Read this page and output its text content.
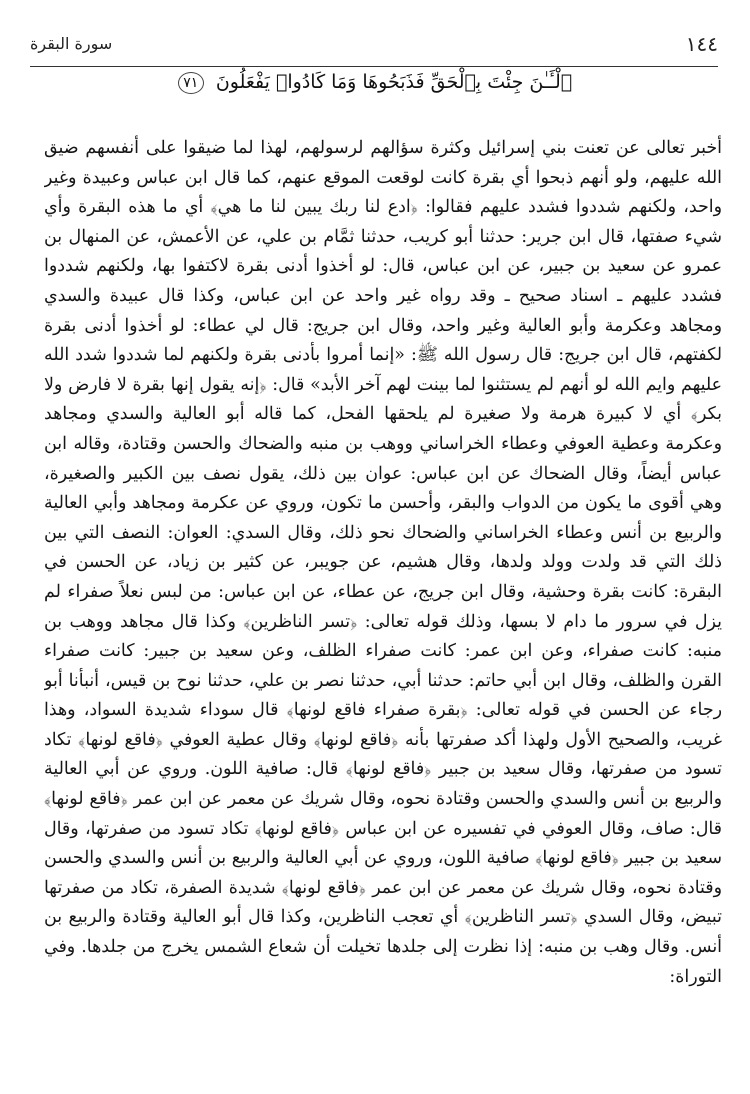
١٤٤
سورة البقرة
ٱلْـَٔـٰنَ جِئْتَ بِٱلْحَقِّ فَذَبَحُوهَا وَمَا كَادُوا۟ يَفْعَلُونَ ٧١

أخبر تعالى عن تعنت بني إسرائيل وكثرة سؤالهم لرسولهم، لهذا لما ضيقوا على أنفسهم ضيق الله عليهم، ولو أنهم ذبحوا أي بقرة كانت لوقعت الموقع عنهم، كما قال ابن عباس وعبيدة وغير واحد، ولكنهم شددوا فشدد عليهم فقالوا: ﴿ادع لنا ربك يبين لنا ما هي﴾ أي ما هذه البقرة وأي شيء صفتها، قال ابن جرير: حدثنا أبو كريب، حدثنا ثمَّام بن علي، عن الأعمش، عن المنهال بن عمرو عن سعيد بن جبير، عن ابن عباس، قال: لو أخذوا أدنى بقرة لاكتفوا بها، ولكنهم شددوا فشدد عليهم ـ اسناد صحيح ـ وقد رواه غير واحد عن ابن عباس، وكذا قال عبيدة والسدي ومجاهد وعكرمة وأبو العالية وغير واحد، وقال ابن جريج: قال لي عطاء: لو أخذوا أدنى بقرة لكفتهم، قال ابن جريج: قال رسول الله ﷺ: «إنما أمروا بأدنى بقرة ولكنهم لما شددوا شدد الله عليهم وايم الله لو أنهم لم يستثنوا لما بينت لهم آخر الأبد» قال: ﴿إنه يقول إنها بقرة لا فارض ولا بكر﴾ أي لا كبيرة هرمة ولا صغيرة لم يلحقها الفحل، كما قاله أبو العالية والسدي ومجاهد وعكرمة وعطية العوفي وعطاء الخراساني ووهب بن منبه والضحاك والحسن وقتادة، وقاله ابن عباس أيضاً، وقال الضحاك عن ابن عباس: عوان بين ذلك، يقول نصف بين الكبير والصغيرة، وهي أقوى ما يكون من الدواب والبقر، وأحسن ما تكون، وروي عن عكرمة ومجاهد وأبي العالية والربيع بن أنس وعطاء الخراساني والضحاك نحو ذلك، وقال السدي: العوان: النصف التي بين ذلك التي قد ولدت وولد ولدها، وقال هشيم، عن جويبر، عن كثير بن زياد، عن الحسن في البقرة: كانت بقرة وحشية، وقال ابن جريج، عن عطاء، عن ابن عباس: من لبس نعلاً صفراء لم يزل في سرور ما دام لا بسها، وذلك قوله تعالى: ﴿تسر الناظرين﴾ وكذا قال مجاهد ووهب بن منبه: كانت صفراء، وعن ابن عمر: كانت صفراء الظلف، وعن سعيد بن جبير: كانت صفراء القرن والظلف، وقال ابن أبي حاتم: حدثنا أبي، حدثنا نصر بن علي، حدثنا نوح بن قيس، أنبأنا أبو رجاء عن الحسن في قوله تعالى: ﴿بقرة صفراء فاقع لونها﴾ قال سوداء شديدة السواد، وهذا غريب، والصحيح الأول ولهذا أكد صفرتها بأنه ﴿فاقع لونها﴾ وقال عطية العوفي ﴿فاقع لونها﴾ تكاد تسود من صفرتها، وقال سعيد بن جبير ﴿فاقع لونها﴾ قال: صافية اللون. وروي عن أبي العالية والربيع بن أنس والسدي والحسن وقتادة نحوه، وقال شريك عن معمر عن ابن عمر ﴿فاقع لونها﴾ قال: صاف، وقال العوفي في تفسيره عن ابن عباس ﴿فاقع لونها﴾ تكاد تسود من صفرتها، وقال سعيد بن جبير ﴿فاقع لونها﴾ صافية اللون، وروي عن أبي العالية والربيع بن أنس والسدي والحسن وقتادة نحوه، وقال شريك عن معمر عن ابن عمر ﴿فاقع لونها﴾ شديدة الصفرة، تكاد من صفرتها تبيض، وقال السدي ﴿تسر الناظرين﴾ أي تعجب الناظرين، وكذا قال أبو العالية وقتادة والربيع بن أنس. وقال وهب بن منبه: إذا نظرت إلى جلدها تخيلت أن شعاع الشمس يخرج من جلدها. وفي التوراة:
